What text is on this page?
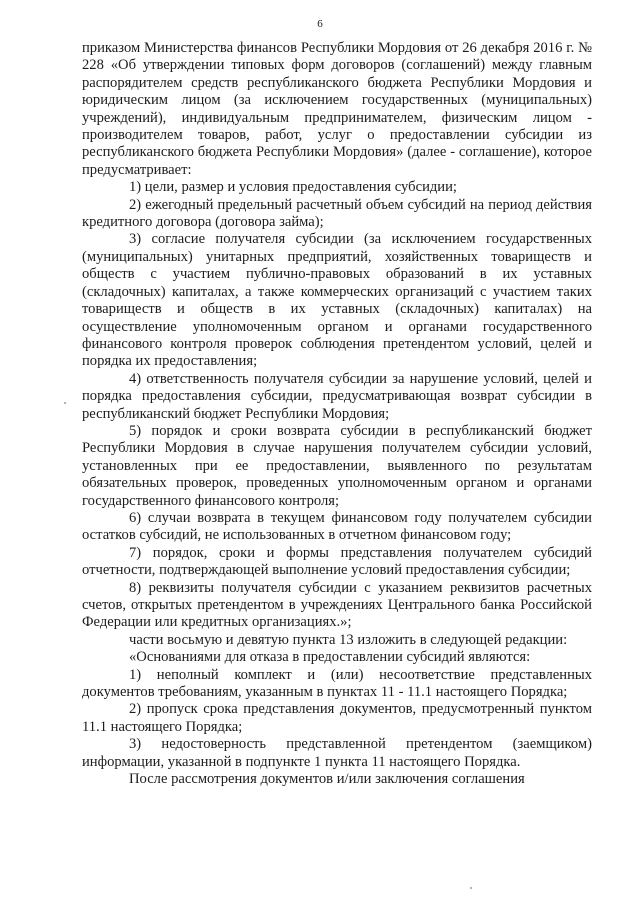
6

приказом Министерства финансов Республики Мордовия от 26 декабря 2016 г. № 228 «Об утверждении типовых форм договоров (соглашений) между главным распорядителем средств республиканского бюджета Республики Мордовия и юридическим лицом (за исключением государственных (муниципальных) учреждений), индивидуальным предпринимателем, физическим лицом - производителем товаров, работ, услуг о предоставлении субсидии из республиканского бюджета Республики Мордовия» (далее - соглашение), которое предусматривает:

1) цели, размер и условия предоставления субсидии;

2) ежегодный предельный расчетный объем субсидий на период действия кредитного договора (договора займа);

3) согласие получателя субсидии (за исключением государственных (муниципальных) унитарных предприятий, хозяйственных товариществ и обществ с участием публично-правовых образований в их уставных (складочных) капиталах, а также коммерческих организаций с участием таких товариществ и обществ в их уставных (складочных) капиталах) на осуществление уполномоченным органом и органами государственного финансового контроля проверок соблюдения претендентом условий, целей и порядка их предоставления;

4) ответственность получателя субсидии за нарушение условий, целей и порядка предоставления субсидии, предусматривающая возврат субсидии в республиканский бюджет Республики Мордовия;

5) порядок и сроки возврата субсидии в республиканский бюджет Республики Мордовия в случае нарушения получателем субсидии условий, установленных при ее предоставлении, выявленного по результатам обязательных проверок, проведенных уполномоченным органом и органами государственного финансового контроля;

6) случаи возврата в текущем финансовом году получателем субсидии остатков субсидий, не использованных в отчетном финансовом году;

7) порядок, сроки и формы представления получателем субсидий отчетности, подтверждающей выполнение условий предоставления субсидии;

8) реквизиты получателя субсидии с указанием реквизитов расчетных счетов, открытых претендентом в учреждениях Центрального банка Российской Федерации или кредитных организациях.»;

части восьмую и девятую пункта 13 изложить в следующей редакции:

«Основаниями для отказа в предоставлении субсидий являются:

1) неполный комплект и (или) несоответствие представленных документов требованиям, указанным в пунктах 11 - 11.1 настоящего Порядка;

2) пропуск срока представления документов, предусмотренный пунктом 11.1 настоящего Порядка;

3) недостоверность представленной претендентом (заемщиком) информации, указанной в подпункте 1 пункта 11 настоящего Порядка.

После рассмотрения документов и/или заключения соглашения
